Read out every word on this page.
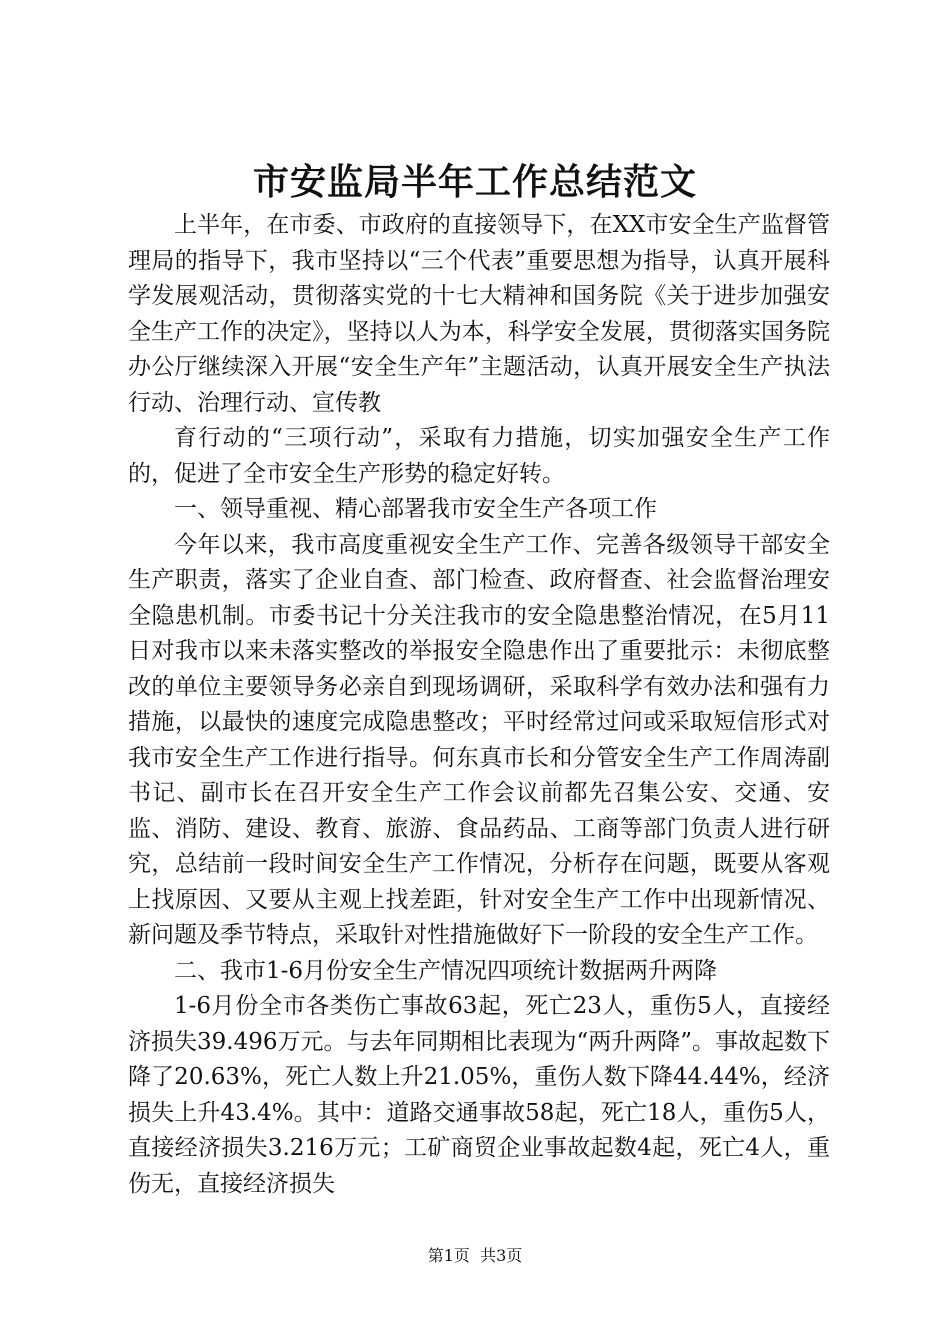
市安监局半年工作总结范文

上半年，在市委、市政府的直接领导下，在XX市安全生产监督管理局的指导下，我市坚持以“三个代表”重要思想为指导，认真开展科学发展观活动，贯彻落实党的十七大精神和国务院《关于进步加强安全生产工作的决定》，坚持以人为本，科学安全发展，贯彻落实国务院办公厅继续深入开展“安全生产年”主题活动，认真开展安全生产执法行动、治理行动、宣传教

育行动的“三项行动”，采取有力措施，切实加强安全生产工作的，促进了全市安全生产形势的稳定好转。

一、领导重视、精心部署我市安全生产各项工作

今年以来，我市高度重视安全生产工作、完善各级领导干部安全生产职责，落实了企业自查、部门检查、政府督查、社会监督治理安全隐患机制。市委书记十分关注我市的安全隐患整治情况，在5月11日对我市以来未落实整改的举报安全隐患作出了重要批示：未彻底整改的单位主要领导务必亲自到现场调研，采取科学有效办法和强有力措施，以最快的速度完成隐患整改；平时经常过问或采取短信形式对我市安全生产工作进行指导。何东真市长和分管安全生产工作周涛副书记、副市长在召开安全生产工作会议前都先召集公安、交通、安监、消防、建设、教育、旅游、食品药品、工商等部门负责人进行研究，总结前一段时间安全生产工作情况，分析存在问题，既要从客观上找原因、又要从主观上找差距，针对安全生产工作中出现新情况、新问题及季节特点，采取针对性措施做好下一阶段的安全生产工作。

二、我市1-6月份安全生产情况四项统计数据两升两降

1-6月份全市各类伤亡事故63起，死亡23人，重伤5人，直接经济损失39.496万元。与去年同期相比表现为“两升两降”。事故起数下降了20.63%，死亡人数上升21.05%，重伤人数下降44.44%，经济损失上升43.4%。其中：道路交通事故58起，死亡18人，重伤5人，直接经济损失3.216万元；工矿商贸企业事故起数4起，死亡4人，重伤无，直接经济损失

第1页 共3页
